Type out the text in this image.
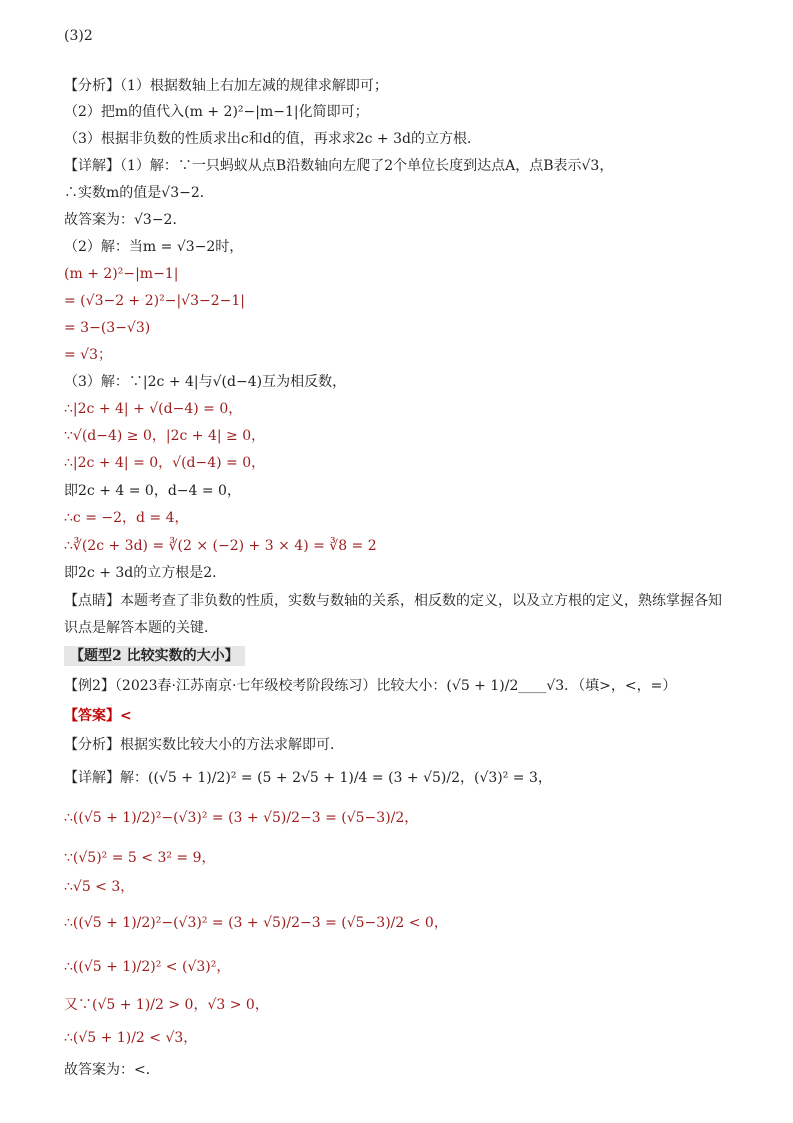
(3)2
【分析】（1）根据数轴上右加左减的规律求解即可；
（2）把m的值代入(m + 2)²−|m−1|化简即可；
（3）根据非负数的性质求出c和d的值，再求求2c + 3d的立方根．
【详解】（1）解：∵一只蚂蚁从点B沿数轴向左爬了2个单位长度到达点A，点B表示√3，
∴实数m的值是√3−2．
故答案为：√3−2．
（2）解：当m = √3−2时，
(m + 2)²−|m−1|
= (√3−2 + 2)²−|√3−2−1|
= 3−(3−√3)
= √3；
（3）解：∵|2c + 4|与√(d−4)互为相反数，
∴|2c + 4| + √(d−4) = 0，
∵√(d−4) ≥ 0，|2c + 4| ≥ 0，
∴|2c + 4| = 0，√(d−4) = 0，
即2c + 4 = 0，d−4 = 0，
∴c = −2，d = 4，
∴∛(2c + 3d) = ∛(2 × (−2) + 3 × 4) = ∛8 = 2
即2c + 3d的立方根是2．
【点睛】本题考查了非负数的性质，实数与数轴的关系，相反数的定义，以及立方根的定义，熟练掌握各知
识点是解答本题的关键．
【题型2 比较实数的大小】
【例2】（2023春·江苏南京·七年级校考阶段练习）比较大小：(√5 + 1)/2____√3．（填>，<，=）
【答案】<
【分析】根据实数比较大小的方法求解即可．
【详解】解：((√5 + 1)/2)² = (5 + 2√5 + 1)/4 = (3 + √5)/2，(√3)² = 3，
∴((√5 + 1)/2)²−(√3)² = (3 + √5)/2−3 = (√5−3)/2，
∵(√5)² = 5 < 3² = 9，
∴√5 < 3，
∴((√5 + 1)/2)²−(√3)² = (3 + √5)/2−3 = (√5−3)/2 < 0，
∴((√5 + 1)/2)² < (√3)²，
又∵(√5 + 1)/2 > 0，√3 > 0，
∴(√5 + 1)/2 < √3，
故答案为：<．
